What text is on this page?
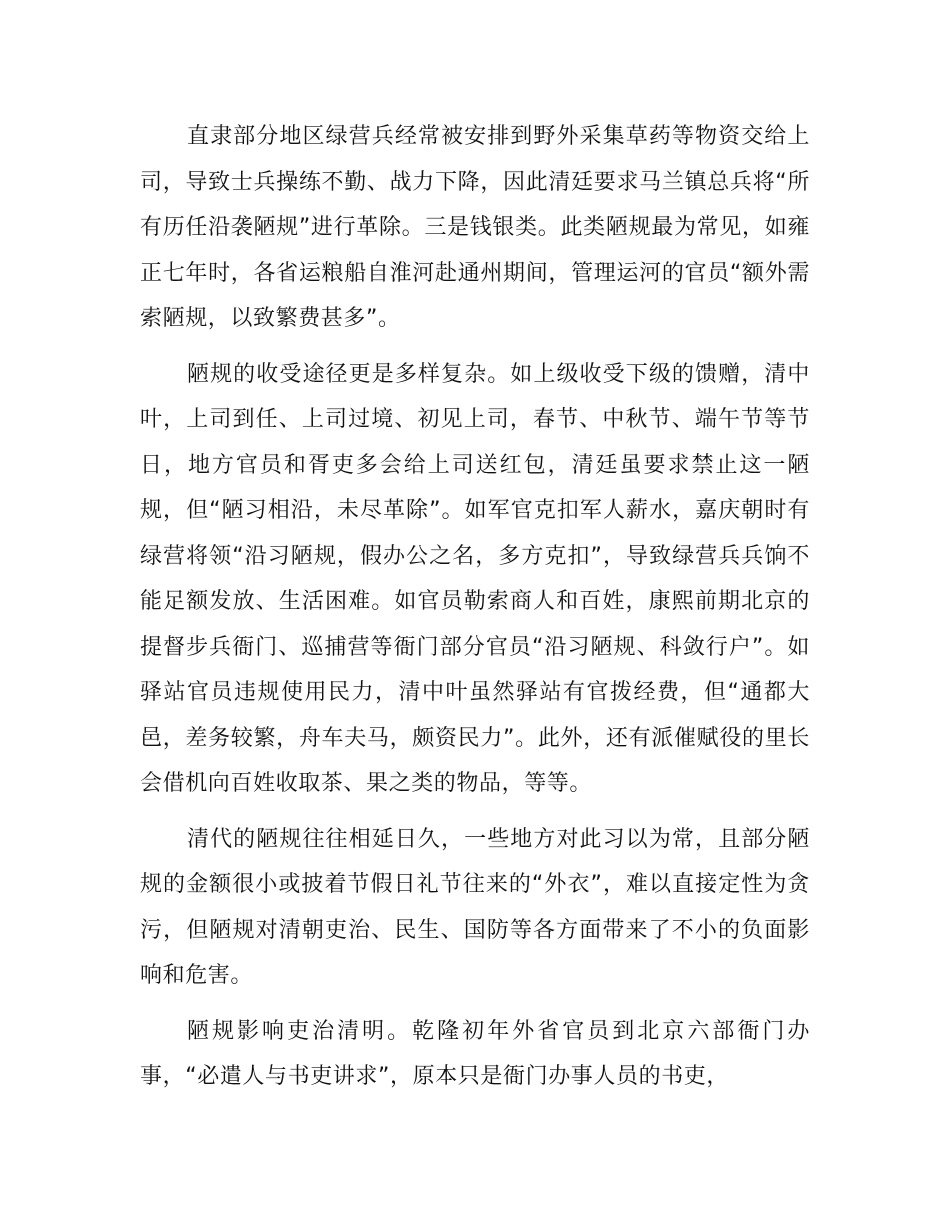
直隶部分地区绿营兵经常被安排到野外采集草药等物资交给上司，导致士兵操练不勤、战力下降，因此清廷要求马兰镇总兵将“所有历任沿袭陋规”进行革除。三是钱银类。此类陋规最为常见，如雍正七年时，各省运粮船自淮河赴通州期间，管理运河的官员“额外需索陋规，以致繁费甚多”。

陋规的收受途径更是多样复杂。如上级收受下级的馈赠，清中叶，上司到任、上司过境、初见上司，春节、中秋节、端午节等节日，地方官员和胥吏多会给上司送红包，清廷虽要求禁止这一陋规，但“陋习相沿，未尽革除”。如军官克扣军人薪水，嘉庆朝时有绿营将领“沿习陋规，假办公之名，多方克扣”，导致绿营兵兵饷不能足额发放、生活困难。如官员勒索商人和百姓，康熙前期北京的提督步兵衙门、巡捕营等衙门部分官员“沿习陋规、科敛行户”。如驿站官员违规使用民力，清中叶虽然驿站有官拨经费，但“通都大邑，差务较繁，舟车夫马，颇资民力”。此外，还有派催赋役的里长会借机向百姓收取茶、果之类的物品，等等。

清代的陋规往往相延日久，一些地方对此习以为常，且部分陋规的金额很小或披着节假日礼节往来的“外衣”，难以直接定性为贪污，但陋规对清朝吏治、民生、国防等各方面带来了不小的负面影响和危害。

陋规影响吏治清明。乾隆初年外省官员到北京六部衙门办事，“必遣人与书吏讲求”，原本只是衙门办事人员的书吏，
